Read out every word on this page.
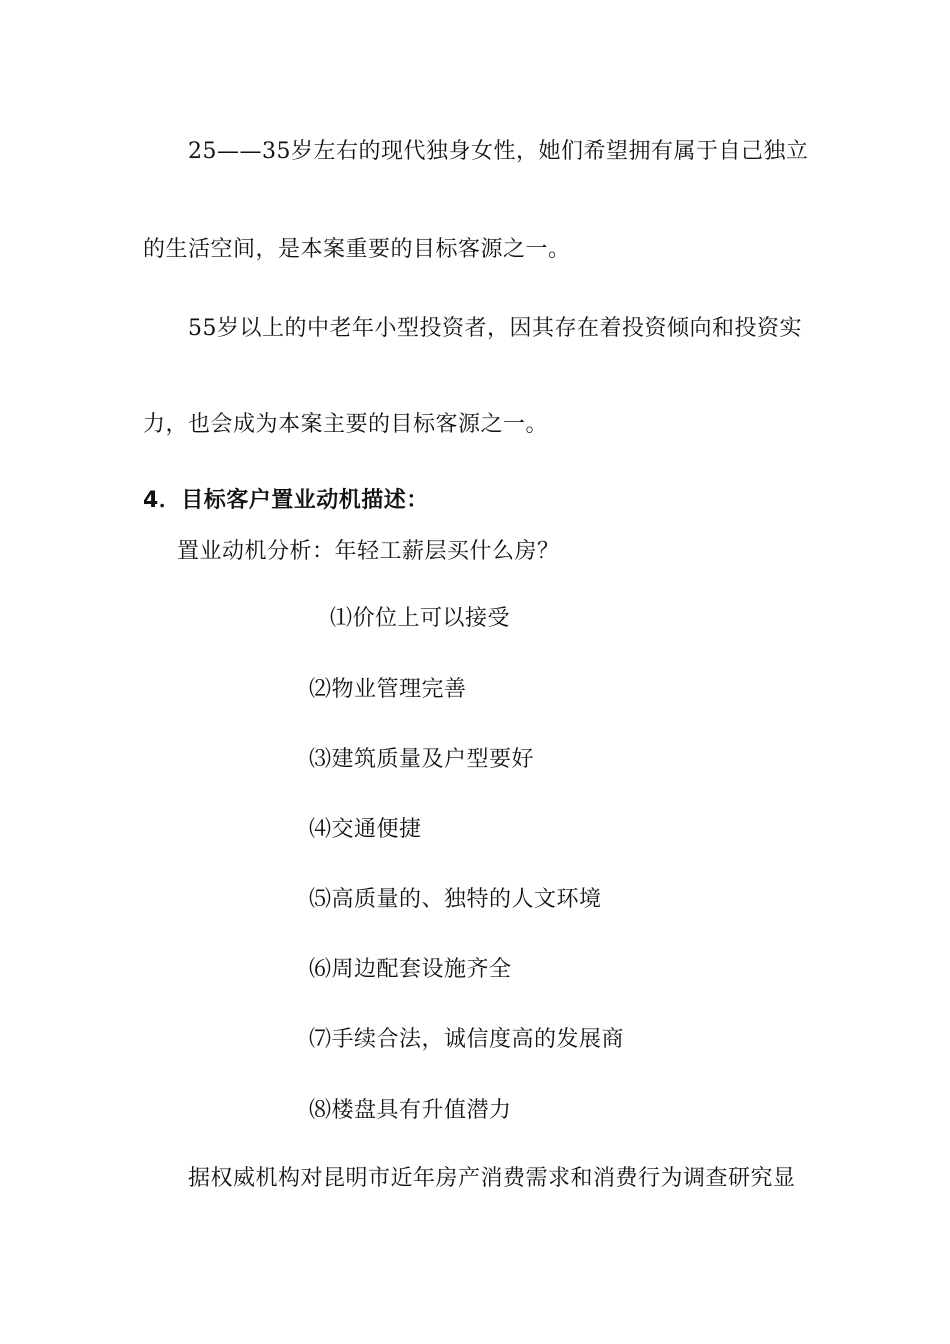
25——35岁左右的现代独身女性，她们希望拥有属于自己独立
的生活空间，是本案重要的目标客源之一。
55岁以上的中老年小型投资者，因其存在着投资倾向和投资实
力，也会成为本案主要的目标客源之一。
4．目标客户置业动机描述：
置业动机分析：年轻工薪层买什么房？
⑴价位上可以接受
⑵物业管理完善
⑶建筑质量及户型要好
⑷交通便捷
⑸高质量的、独特的人文环境
⑹周边配套设施齐全
⑺手续合法，诚信度高的发展商
⑻楼盘具有升值潜力
据权威机构对昆明市近年房产消费需求和消费行为调查研究显
